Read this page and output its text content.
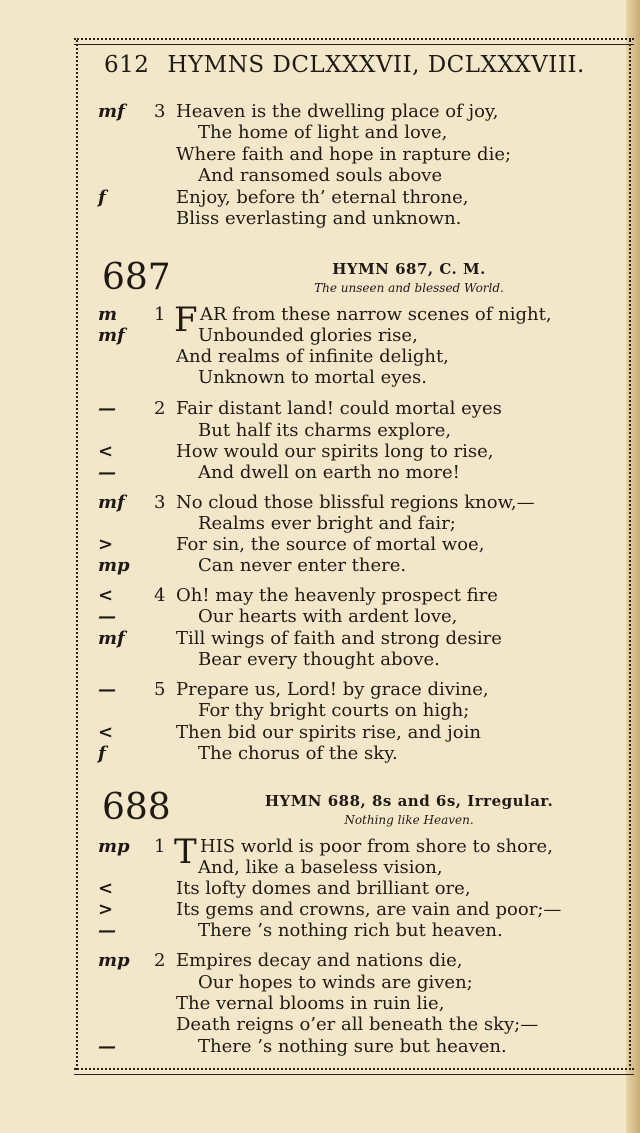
612 HYMNS DCLXXXVII, DCLXXXVIII.
mf	3 Heaven is the dwelling place of joy,
The home of light and love,
Where faith and hope in rapture die;
And ransomed souls above
f	Enjoy, before th’ eternal throne,
Bliss everlasting and unknown.
687	HYMN 687, C. M.
The unseen and blessed World.
F
m	1 AR from these narrow scenes of night,
mf	Unbounded glories rise,
And realms of infinite delight,
Unknown to mortal eyes.
—	2 Fair distant land! could mortal eyes
But half its charms explore,
<	How would our spirits long to rise,
—	And dwell on earth no more!
mf	3 No cloud those blissful regions know,—
Realms ever bright and fair;
>	For sin, the source of mortal woe,
mp	Can never enter there.
<	4 Oh! may the heavenly prospect fire
—	Our hearts with ardent love,
mf	Till wings of faith and strong desire
Bear every thought above.
—	5 Prepare us, Lord! by grace divine,
For thy bright courts on high;
<	Then bid our spirits rise, and join
f	The chorus of the sky.
688	HYMN 688, 8s and 6s, Irregular.
Nothing like Heaven.
T
mp	1 HIS world is poor from shore to shore,
And, like a baseless vision,
<	Its lofty domes and brilliant ore,
>	Its gems and crowns, are vain and poor;—
—	There ’s nothing rich but heaven.
mp	2 Empires decay and nations die,
Our hopes to winds are given;
The vernal blooms in ruin lie,
Death reigns o’er all beneath the sky;—
—	There ’s nothing sure but heaven.
